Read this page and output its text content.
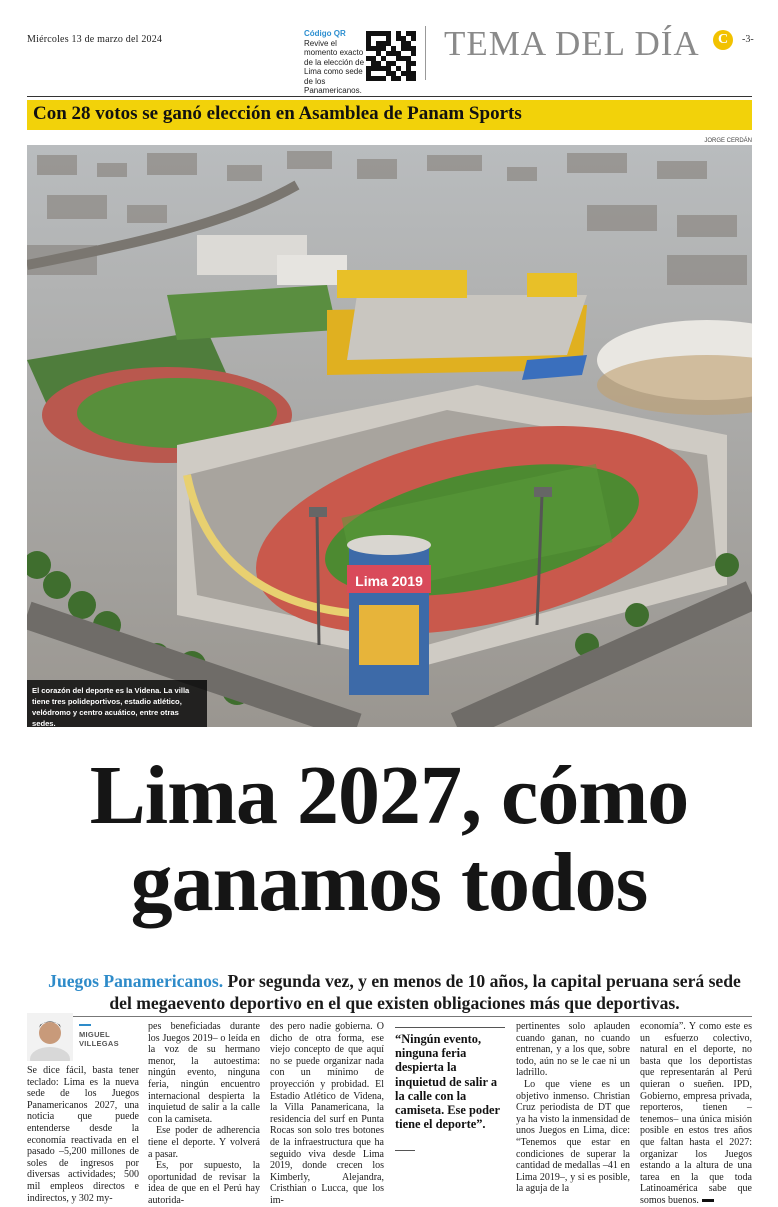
Miércoles 13 de marzo del 2024
Código QR
Revive el momento exacto de la elección de Lima como sede de los Panamericanos.
TEMA DEL DÍA	C	-3-
Con 28 votos se ganó elección en Asamblea de Panam Sports
JORGE CERDÁN
Lima 2019
El corazón del deporte es la Videna. La villa tiene tres polideportivos, estadio atlético, velódromo y centro acuático, entre otras sedes.
Lima 2027, cómo
ganamos todos
Juegos Panamericanos. Por segunda vez, y en menos de 10 años, la capital peruana será sede del megaevento deportivo en el que existen obligaciones más que deportivas.
MIGUEL
VILLEGAS

Se dice fácil, basta tener teclado: Lima es la nueva sede de los Juegos Panamericanos 2027, una noticia que puede entenderse desde la economía reactivada en el pasado –5,200 millones de soles de ingresos por diversas actividades; 500 mil empleos directos e indirectos, y 302 my-

pes beneficiadas durante los Juegos 2019– o leída en la voz de su hermano menor, la autoestima: ningún evento, ninguna feria, ningún encuentro internacional despierta la inquietud de salir a la calle con la camiseta.

Ese poder de adherencia tiene el deporte. Y volverá a pasar.

Es, por supuesto, la oportunidad de revisar la idea de que en el Perú hay autorida-

des pero nadie gobierna. O dicho de otra forma, ese viejo concepto de que aquí no se puede organizar nada con un mínimo de proyección y probidad. El Estadio Atlético de Videna, la Villa Panamericana, la residencia del surf en Punta Rocas son solo tres botones de la infraestructura que ha seguido viva desde Lima 2019, donde crecen los Kimberly, Alejandra, Cristhian o Lucca, que los im-

“Ningún evento, ninguna feria despierta la inquietud de salir a la calle con la camiseta. Ese poder tiene el deporte”.

pertinentes solo aplauden cuando ganan, no cuando entrenan, y a los que, sobre todo, aún no se le cae ni un ladrillo.

Lo que viene es un objetivo inmenso. Christian Cruz periodista de DT que ya ha visto la inmensidad de unos Juegos en Lima, dice: “Tenemos que estar en condiciones de superar la cantidad de medallas –41 en Lima 2019–, y si es posible, la aguja de la

economía”. Y como este es un esfuerzo colectivo, natural en el deporte, no basta que los deportistas que representarán al Perú quieran o sueñen. IPD, Gobierno, empresa privada, reporteros, tienen –tenemos– una única misión posible en estos tres años que faltan hasta el 2027: organizar los Juegos estando a la altura de una tarea en la que toda Latinoamérica sabe que somos buenos.
